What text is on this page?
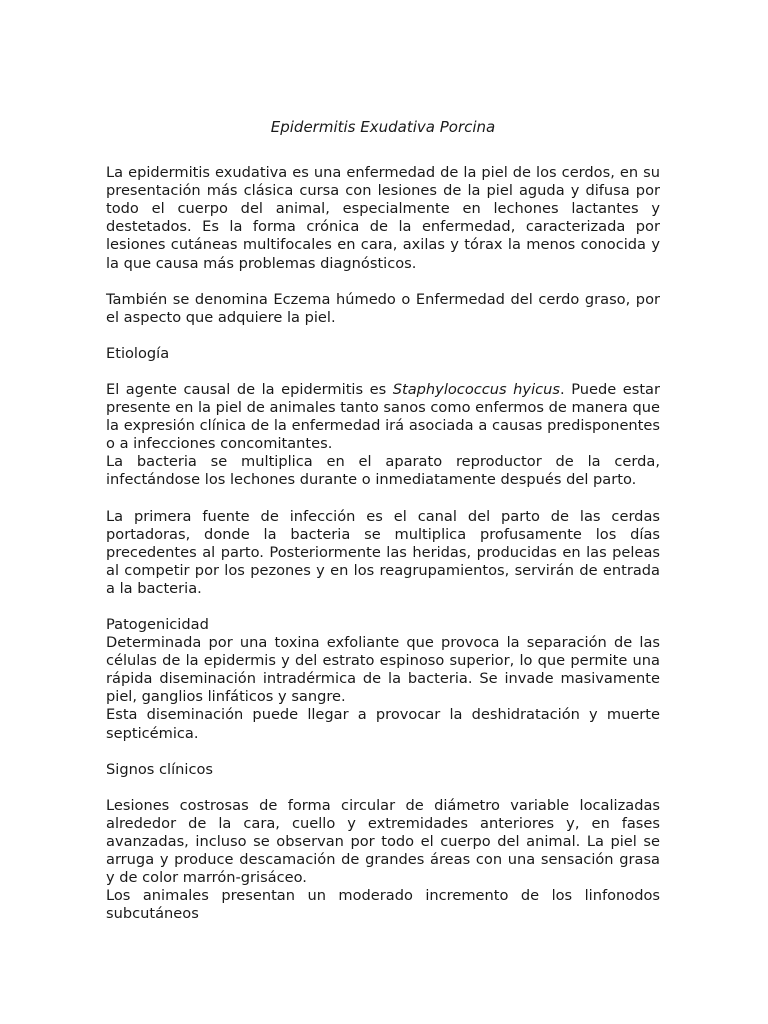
Epidermitis Exudativa Porcina

La epidermitis exudativa es una enfermedad de la piel de los cerdos, en su presentación más clásica cursa con lesiones de la piel aguda y difusa por todo el cuerpo del animal, especialmente en lechones lactantes y destetados. Es la forma crónica de la enfermedad, caracterizada por lesiones cutáneas multifocales en cara, axilas y tórax la menos conocida y la que causa más problemas diagnósticos.

También se denomina Eczema húmedo o Enfermedad del cerdo graso, por el aspecto que adquiere la piel.

Etiología

El agente causal de la epidermitis es Staphylococcus hyicus. Puede estar presente en la piel de animales tanto sanos como enfermos de manera que la expresión clínica de la enfermedad irá asociada a causas predisponentes o a infecciones concomitantes.

La bacteria se multiplica en el aparato reproductor de la cerda, infectándose los lechones durante o inmediatamente después del parto.

La primera fuente de infección es el canal del parto de las cerdas portadoras, donde la bacteria se multiplica profusamente los días precedentes al parto. Posteriormente las heridas, producidas en las peleas al competir por los pezones y en los reagrupamientos, servirán de entrada a la bacteria.

Patogenicidad

Determinada por una toxina exfoliante que provoca la separación de las células de la epidermis y del estrato espinoso superior, lo que permite una rápida diseminación intradérmica de la bacteria. Se invade masivamente piel, ganglios linfáticos y sangre.

Esta diseminación puede llegar a provocar la deshidratación y muerte septicémica.

Signos clínicos

Lesiones costrosas de forma circular de diámetro variable localizadas alrededor de la cara, cuello y extremidades anteriores y, en fases avanzadas, incluso se observan por todo el cuerpo del animal. La piel se arruga y produce descamación de grandes áreas con una sensación grasa y de color marrón-grisáceo.

Los animales presentan un moderado incremento de los linfonodos subcutáneos
